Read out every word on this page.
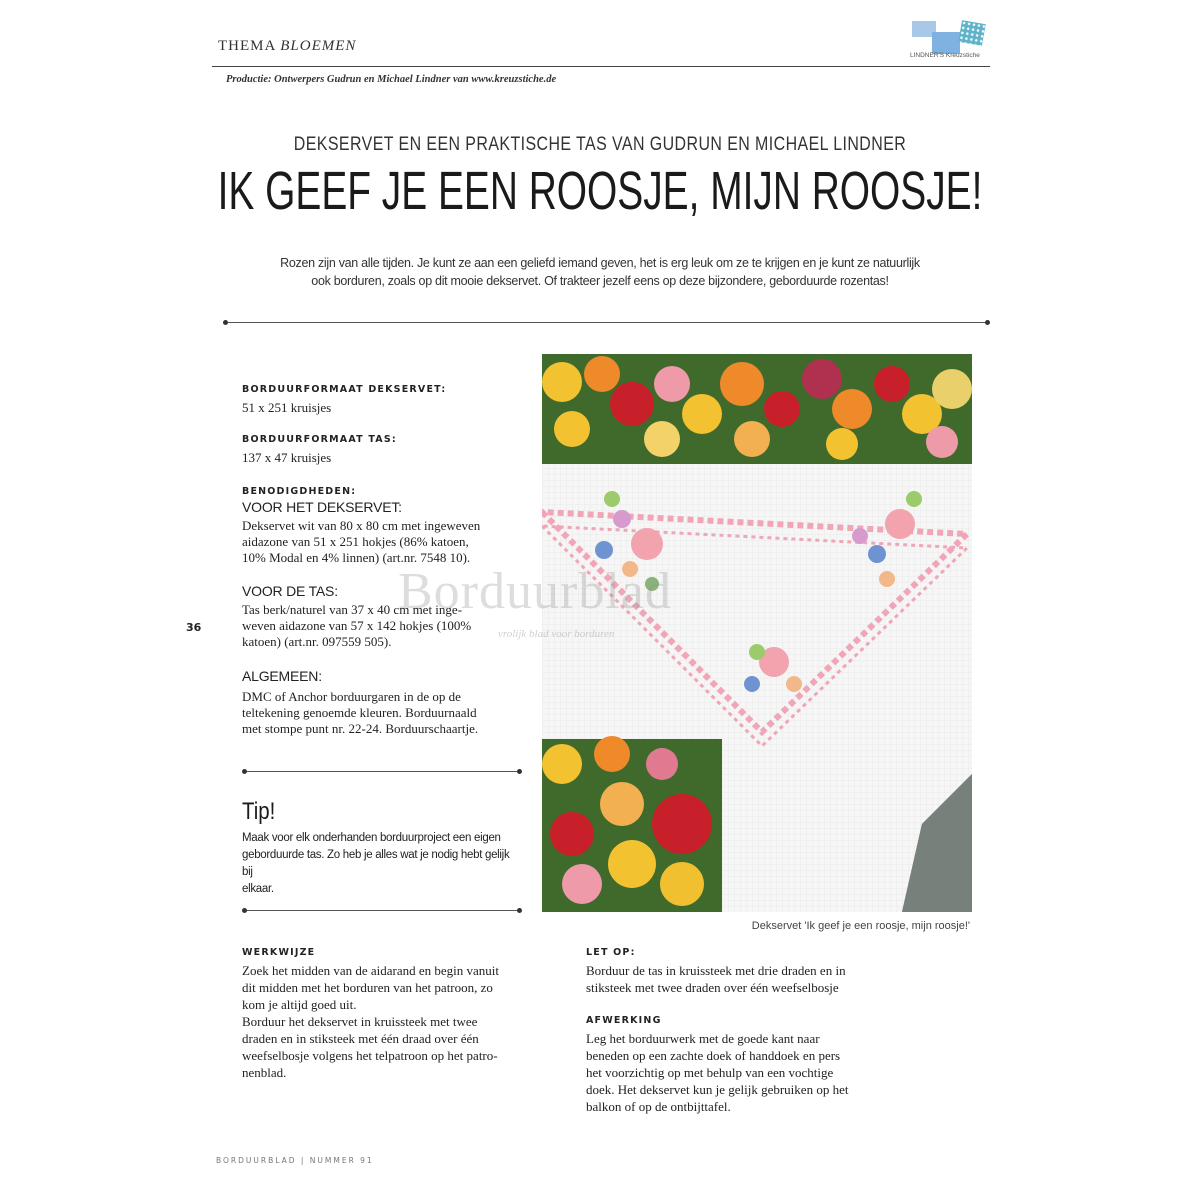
THEMA BLOEMEN
Productie: Ontwerpers Gudrun en Michael Lindner van www.kreuzstiche.de
LINDNER'S Kreuzstiche
DEKSERVET EN EEN PRAKTISCHE TAS VAN GUDRUN EN MICHAEL LINDNER
IK GEEF JE EEN ROOSJE, MIJN ROOSJE!
Rozen zijn van alle tijden. Je kunt ze aan een geliefd iemand geven, het is erg leuk om ze te krijgen en je kunt ze natuurlijk
ook borduren, zoals op dit mooie dekservet. Of trakteer jezelf eens op deze bijzondere, geborduurde rozentas!
BORDUURFORMAAT DEKSERVET:
51 x 251 kruisjes
BORDUURFORMAAT TAS:
137 x 47 kruisjes
BENODIGDHEDEN:
VOOR HET DEKSERVET:
Dekservet wit van 80 x 80 cm met ingeweven
aidazone van 51 x 251 hokjes (86% katoen,
10% Modal en 4% linnen) (art.nr. 7548 10).
VOOR DE TAS:
Tas berk/naturel van 37 x 40 cm met inge-
weven aidazone van 57 x 142 hokjes (100%
katoen) (art.nr. 097559 505).
ALGEMEEN:
DMC of Anchor borduurgaren in de op de
teltekening genoemde kleuren. Borduurnaald
met stompe punt nr. 22-24. Borduurschaartje.
36
Tip!
Maak voor elk onderhanden borduurproject een eigen
geborduurde tas. Zo heb je alles wat je nodig hebt gelijk bij
elkaar.
Borduurblad
vrolijk blad voor borduren
Dekservet 'Ik geef je een roosje, mijn roosje!'
WERKWIJZE
Zoek het midden van de aidarand en begin vanuit
dit midden met het borduren van het patroon, zo
kom je altijd goed uit.
Borduur het dekservet in kruissteek met twee
draden en in stiksteek met één draad over één
weefselbosje volgens het telpatroon op het patro-
nenblad.
LET OP:
Borduur de tas in kruissteek met drie draden en in
stiksteek met twee draden over één weefselbosje
AFWERKING
Leg het borduurwerk met de goede kant naar
beneden op een zachte doek of handdoek en pers
het voorzichtig op met behulp van een vochtige
doek. Het dekservet kun je gelijk gebruiken op het
balkon of op de ontbijttafel.
BORDUURBLAD | NUMMER 91
